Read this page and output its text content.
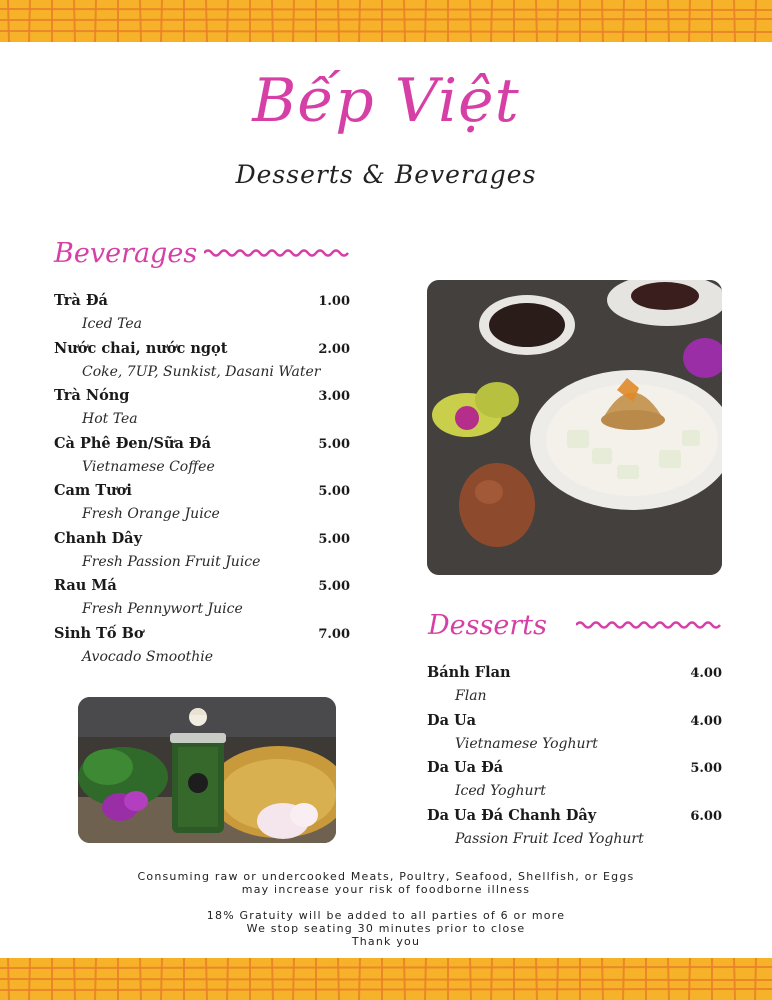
Bếp Việt
Desserts & Beverages
Beverages
Trà Đá	1.00
Iced Tea
Nước chai, nước ngọt	2.00
Coke, 7UP, Sunkist, Dasani Water
Trà Nóng	3.00
Hot Tea
Cà Phê Đen/Sữa Đá	5.00
Vietnamese Coffee
Cam Tươi	5.00
Fresh Orange Juice
Chanh Dây	5.00
Fresh Passion Fruit Juice
Rau Má	5.00
Fresh Pennywort Juice
Sinh Tố Bơ	7.00
Avocado Smoothie
Desserts
Bánh Flan	4.00
Flan
Da Ua	4.00
Vietnamese Yoghurt
Da Ua Đá	5.00
Iced Yoghurt
Da Ua Đá Chanh Dây	6.00
Passion Fruit Iced Yoghurt
Consuming raw or undercooked Meats, Poultry, Seafood, Shellfish, or Eggs
may increase your risk of foodborne illness
18% Gratuity will be added to all parties of 6 or more
We stop seating 30 minutes prior to close
Thank you
